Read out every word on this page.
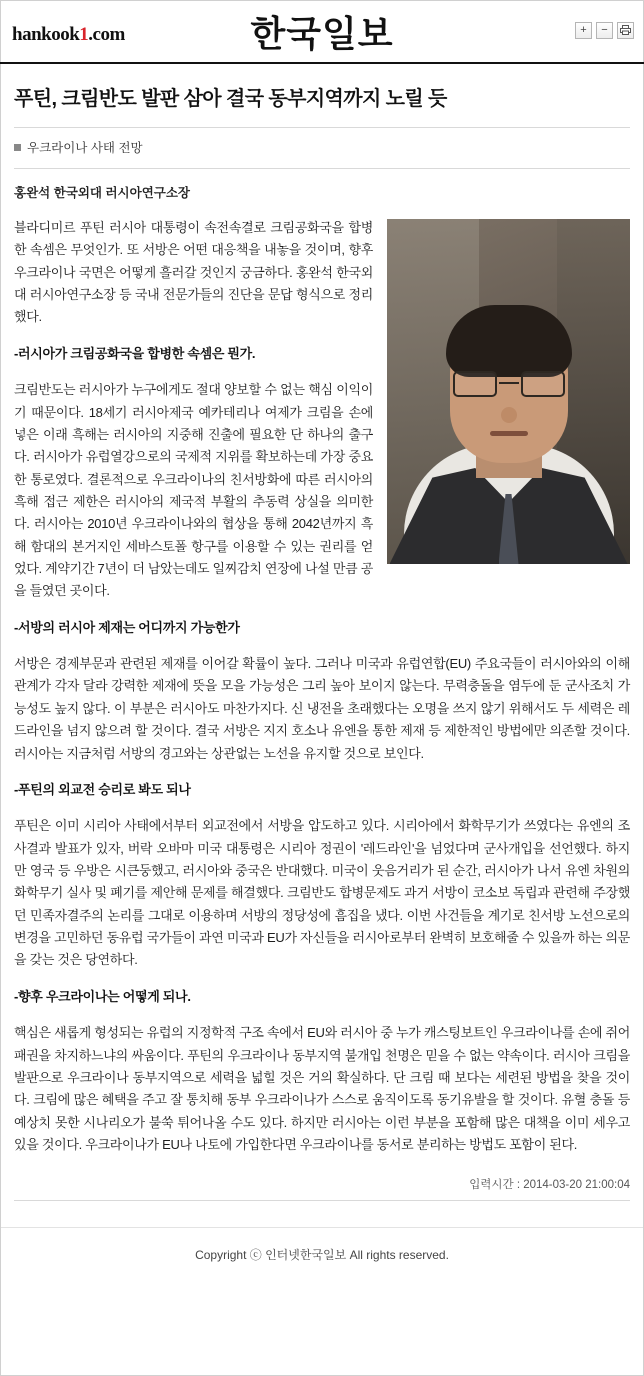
hankook1.com	한국일보	+	−
푸틴, 크림반도 발판 삼아 결국 동부지역까지 노릴 듯
우크라이나 사태 전망
홍완석 한국외대 러시아연구소장

블라디미르 푸틴 러시아 대통령이 속전속결로 크림공화국을 합병한 속셈은 무엇인가. 또 서방은 어떤 대응책을 내놓을 것이며, 향후 우크라이나 국면은 어떻게 흘러갈 것인지 궁금하다. 홍완석 한국외대 러시아연구소장 등 국내 전문가들의 진단을 문답 형식으로 정리했다.

-러시아가 크림공화국을 합병한 속셈은 뭔가.

크림반도는 러시아가 누구에게도 절대 양보할 수 없는 핵심 이익이기 때문이다. 18세기 러시아제국 예카테리나 여제가 크림을 손에 넣은 이래 흑해는 러시아의 지중해 진출에 필요한 단 하나의 출구다. 러시아가 유럽열강으로의 국제적 지위를 확보하는데 가장 중요한 통로였다. 결론적으로 우크라이나의 친서방화에 따른 러시아의 흑해 접근 제한은 러시아의 제국적 부활의 추동력 상실을 의미한다. 러시아는 2010년 우크라이나와의 협상을 통해 2042년까지 흑해 함대의 본거지인 세바스토폴 항구를 이용할 수 있는 권리를 얻었다. 계약기간 7년이 더 남았는데도 일찌감치 연장에 나설 만큼 공을 들였던 곳이다.

-서방의 러시아 제재는 어디까지 가능한가

서방은 경제부문과 관련된 제재를 이어갈 확률이 높다. 그러나 미국과 유럽연합(EU) 주요국들이 러시아와의 이해관계가 각자 달라 강력한 제재에 뜻을 모을 가능성은 그리 높아 보이지 않는다. 무력충돌을 염두에 둔 군사조치 가능성도 높지 않다. 이 부분은 러시아도 마찬가지다. 신 냉전을 초래했다는 오명을 쓰지 않기 위해서도 두 세력은 레드라인을 넘지 않으려 할 것이다. 결국 서방은 지지 호소나 유엔을 통한 제재 등 제한적인 방법에만 의존할 것이다. 러시아는 지금처럼 서방의 경고와는 상관없는 노선을 유지할 것으로 보인다.

-푸틴의 외교전 승리로 봐도 되나

푸틴은 이미 시리아 사태에서부터 외교전에서 서방을 압도하고 있다. 시리아에서 화학무기가 쓰였다는 유엔의 조사결과 발표가 있자, 버락 오바마 미국 대통령은 시리아 정권이 '레드라인'을 넘었다며 군사개입을 선언했다. 하지만 영국 등 우방은 시큰둥했고, 러시아와 중국은 반대했다. 미국이 웃음거리가 된 순간, 러시아가 나서 유엔 차원의 화학무기 실사 및 폐기를 제안해 문제를 해결했다. 크림반도 합병문제도 과거 서방이 코소보 독립과 관련해 주장했던 민족자결주의 논리를 그대로 이용하며 서방의 정당성에 흠집을 냈다. 이번 사건들을 계기로 친서방 노선으로의 변경을 고민하던 동유럽 국가들이 과연 미국과 EU가 자신들을 러시아로부터 완벽히 보호해줄 수 있을까 하는 의문을 갖는 것은 당연하다.

-향후 우크라이나는 어떻게 되나.

핵심은 새롭게 형성되는 유럽의 지정학적 구조 속에서 EU와 러시아 중 누가 캐스팅보트인 우크라이나를 손에 쥐어 패권을 차지하느냐의 싸움이다. 푸틴의 우크라이나 동부지역 불개입 천명은 믿을 수 없는 약속이다. 러시아 크림을 발판으로 우크라이나 동부지역으로 세력을 넓힐 것은 거의 확실하다. 단 크림 때 보다는 세련된 방법을 찾을 것이다. 크림에 많은 혜택을 주고 잘 통치해 동부 우크라이나가 스스로 움직이도록 동기유발을 할 것이다. 유혈 충돌 등 예상치 못한 시나리오가 불쑥 튀어나올 수도 있다. 하지만 러시아는 이런 부분을 포함해 많은 대책을 이미 세우고 있을 것이다. 우크라이나가 EU나 나토에 가입한다면 우크라이나를 동서로 분리하는 방법도 포함이 된다.

입력시간 : 2014-03-20 21:00:04
Copyright ⓒ 인터넷한국일보 All rights reserved.
